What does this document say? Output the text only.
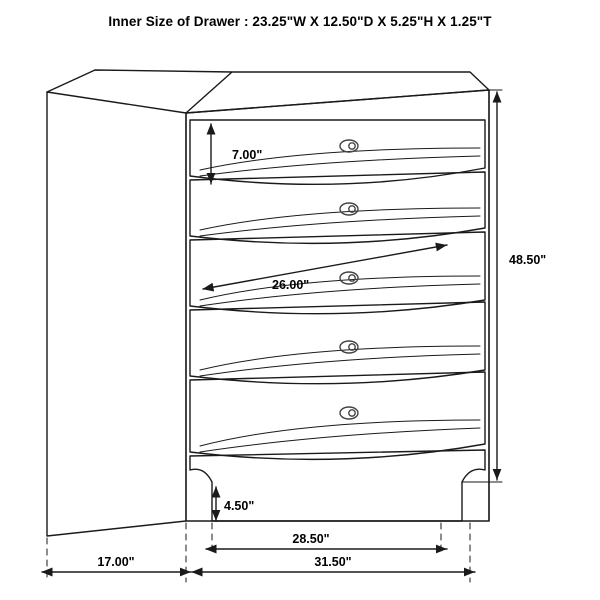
Inner Size of Drawer : 23.25"W X 12.50"D X 5.25"H X 1.25"T
7.00"
26.00"
48.50"
4.50"
28.50"
17.00"	31.50"
